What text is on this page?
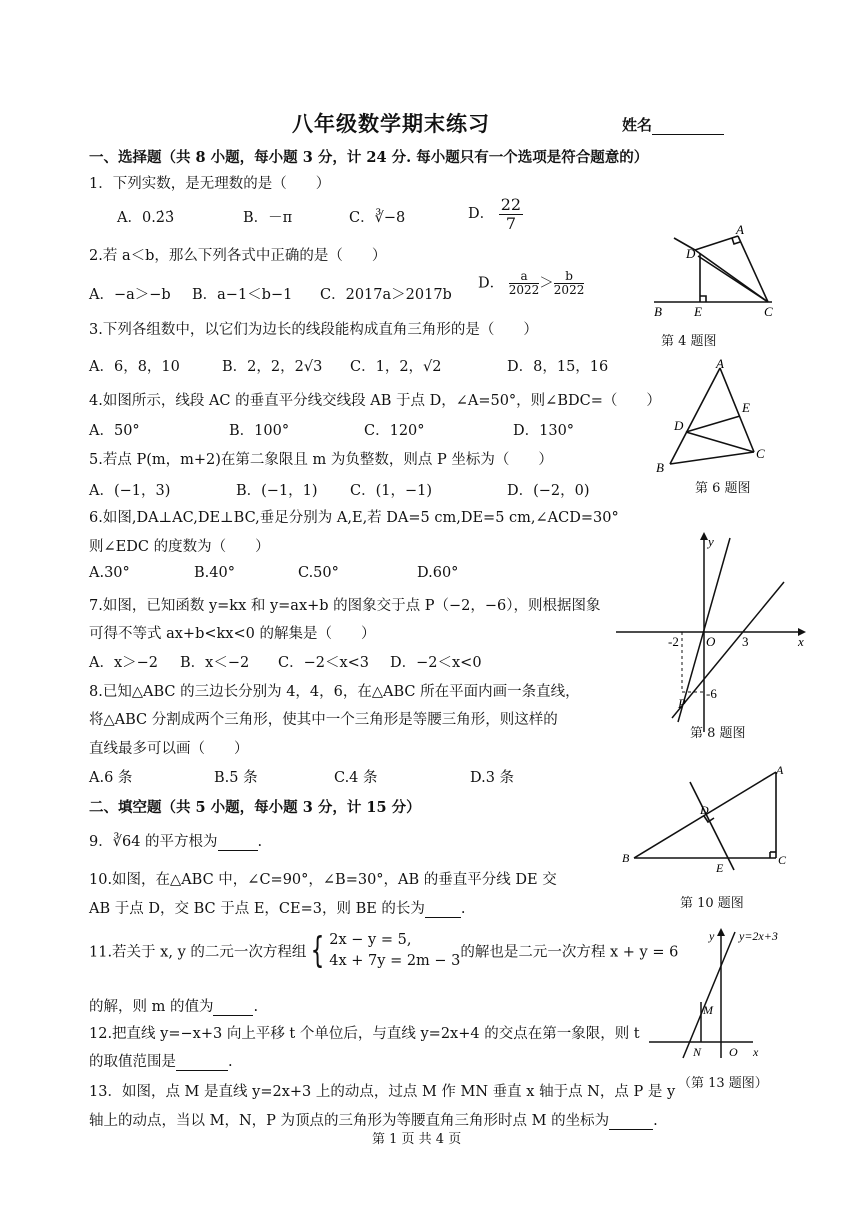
八年级数学期末练习	姓名
一、选择题（共 8 小题，每小题 3 分，计 24 分. 每小题只有一个选项是符合题意的）
1．下列实数，是无理数的是（　　）
A．0.2̇3̇	B．－π	C．∛−8	D． $\frac{22}{7}$
2.若 a＜b，那么下列各式中正确的是（　　）
A．−a＞−b B．a−1＜b−1 C．2017a＞2017b
D． $\frac{a}{2022} > \frac{b}{2022}$
3.下列各组数中，以它们为边长的线段能构成直角三角形的是（　　）
A．6，8，10	B．2，2，2√3 C．1，2，√2	D．8，15，16
4.如图所示，线段 AC 的垂直平分线交线段 AB 于点 D，∠A=50°，则∠BDC=（　　）
A．50°	B．100°	C．120°	D．130°
5.若点 P(m，m+2)在第二象限且 m 为负整数，则点 P 坐标为（　　）
A．(−1，3)	B．(−1，1) C．(1，−1)	D．(−2，0)
6.如图,DA⊥AC,DE⊥BC,垂足分别为 A,E,若 DA=5 cm,DE=5 cm,∠ACD=30°
则∠EDC 的度数为（　　）
A.30°	B.40°	C.50°	D.60°
7.如图，已知函数 y=kx 和 y=ax+b 的图象交于点 P（−2，−6），则根据图象
可得不等式 ax+b<kx<0 的解集是（　　）
A．x＞−2 B．x＜−2 C．−2＜x<3 D．−2＜x<0
8.已知△ABC 的三边长分别为 4，4，6，在△ABC 所在平面内画一条直线，
将△ABC 分割成两个三角形，使其中一个三角形是等腰三角形，则这样的
直线最多可以画（　　）
A.6 条	B.5 条	C.4 条	D.3 条
二、填空题（共 5 小题，每小题 3 分，计 15 分）
9．∛64 的平方根为	.
10.如图，在△ABC 中，∠C=90°，∠B=30°，AB 的垂直平分线 DE 交
AB 于点 D，交 BC 于点 E，CE=3，则 BE 的长为 .
11.若关于 x, y 的二元一次方程组 { 2x − y = 5,
4x + 7y = 2m − 3
的解也是二元一次方程 x + y = 6
的解，则 m 的值为	.
12.把直线 y=−x+3 向上平移 t 个单位后，与直线 y=2x+4 的交点在第一象限，则 t
的取值范围是	.
13．如图，点 M 是直线 y=2x+3 上的动点，过点 M 作 MN 垂直 x 轴于点 N，点 P 是 y
轴上的动点，当以 M，N，P 为顶点的三角形为等腰直角三角形时点 M 的坐标为	.
第 1 页 共 4 页
A
B	C
D
E
第 4 题图
A
B
C
D
E
第 6 题图
y
x
O
-2	3
-6
P
第 8 题图
A
B	C
D
E
第 10 题图
y y=2x+3
M
N O x
（第 13 题图）
